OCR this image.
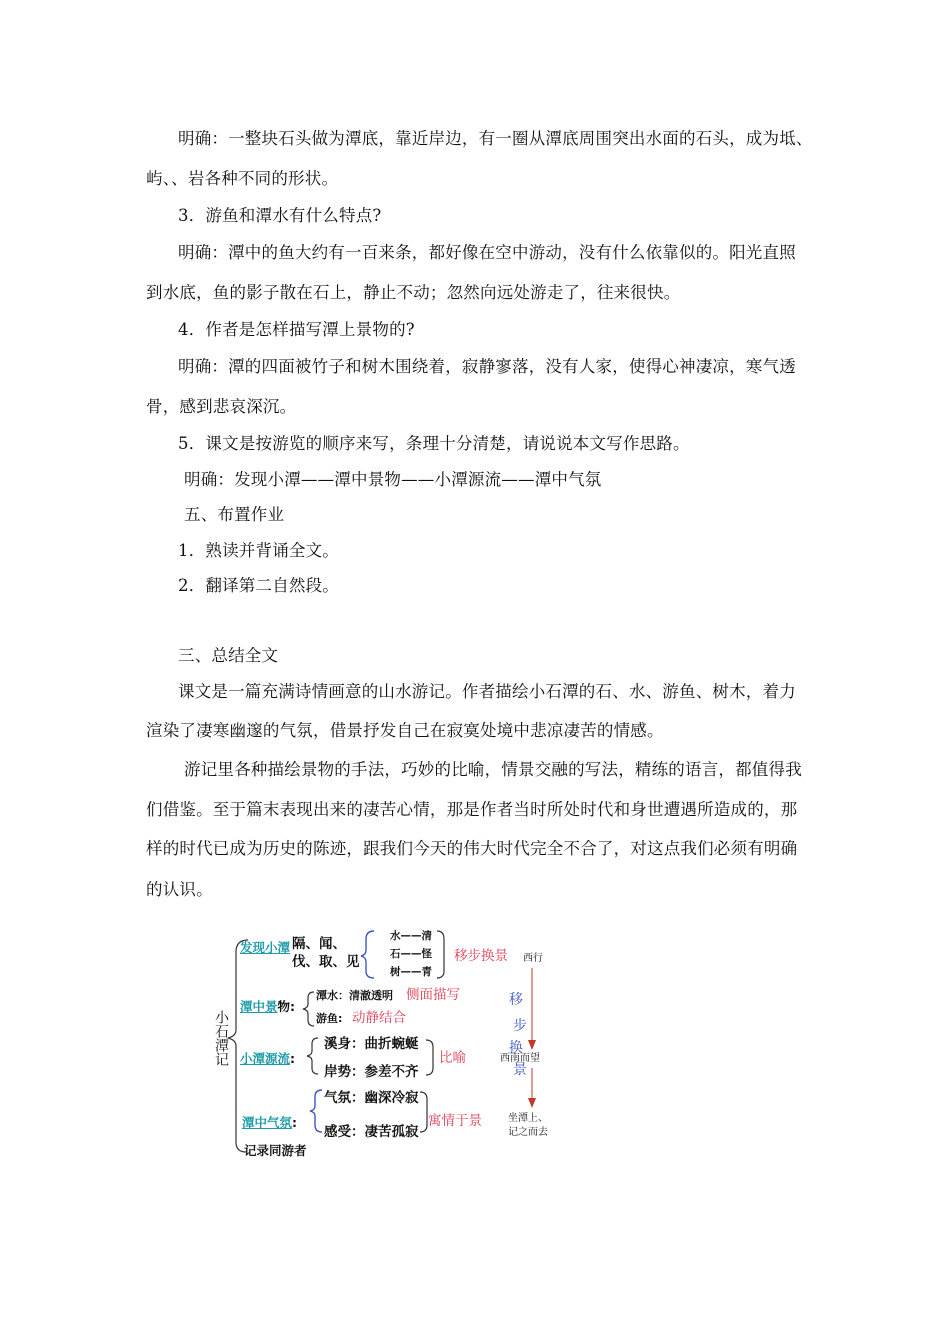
明确：一整块石头做为潭底，靠近岸边，有一圈从潭底周围突出水面的石头，成为坻、
屿、、岩各种不同的形状。
3．游鱼和潭水有什么特点?
明确：潭中的鱼大约有一百来条，都好像在空中游动，没有什么依靠似的。阳光直照
到水底，鱼的影子散在石上，静止不动；忽然向远处游走了，往来很快。
4．作者是怎样描写潭上景物的?
明确：潭的四面被竹子和树木围绕着，寂静寥落，没有人家，使得心神凄凉，寒气透
骨，感到悲哀深沉。
5．课文是按游览的顺序来写，条理十分清楚，请说说本文写作思路。
明确：发现小潭——潭中景物——小潭源流——潭中气氛
五、布置作业
1．熟读并背诵全文。
2．翻译第二自然段。
三、总结全文
课文是一篇充满诗情画意的山水游记。作者描绘小石潭的石、水、游鱼、树木，着力
渲染了凄寒幽邃的气氛，借景抒发自己在寂寞处境中悲凉凄苦的情感。
游记里各种描绘景物的手法，巧妙的比喻，情景交融的写法，精练的语言，都值得我
们借鉴。至于篇末表现出来的凄苦心情，那是作者当时所处时代和身世遭遇所造成的，那
样的时代已成为历史的陈迹，跟我们今天的伟大时代完全不合了，对这点我们必须有明确
的认识。
小石潭记
发现小潭 隔、闻、
伐、取、见
水——清
石——怪
树——青
移步换景 西行
潭中景物:
潭水：清澈透明 侧面描写
游鱼: 动静结合
小潭源流:
溪身：曲折蜿蜒
岸势：参差不齐
比喻	西南而望
潭中气氛:
气氛：幽深冷寂
感受：凄苦孤寂
寓情于景	坐潭上、
记之而去
记录同游者
移
步
换
景
